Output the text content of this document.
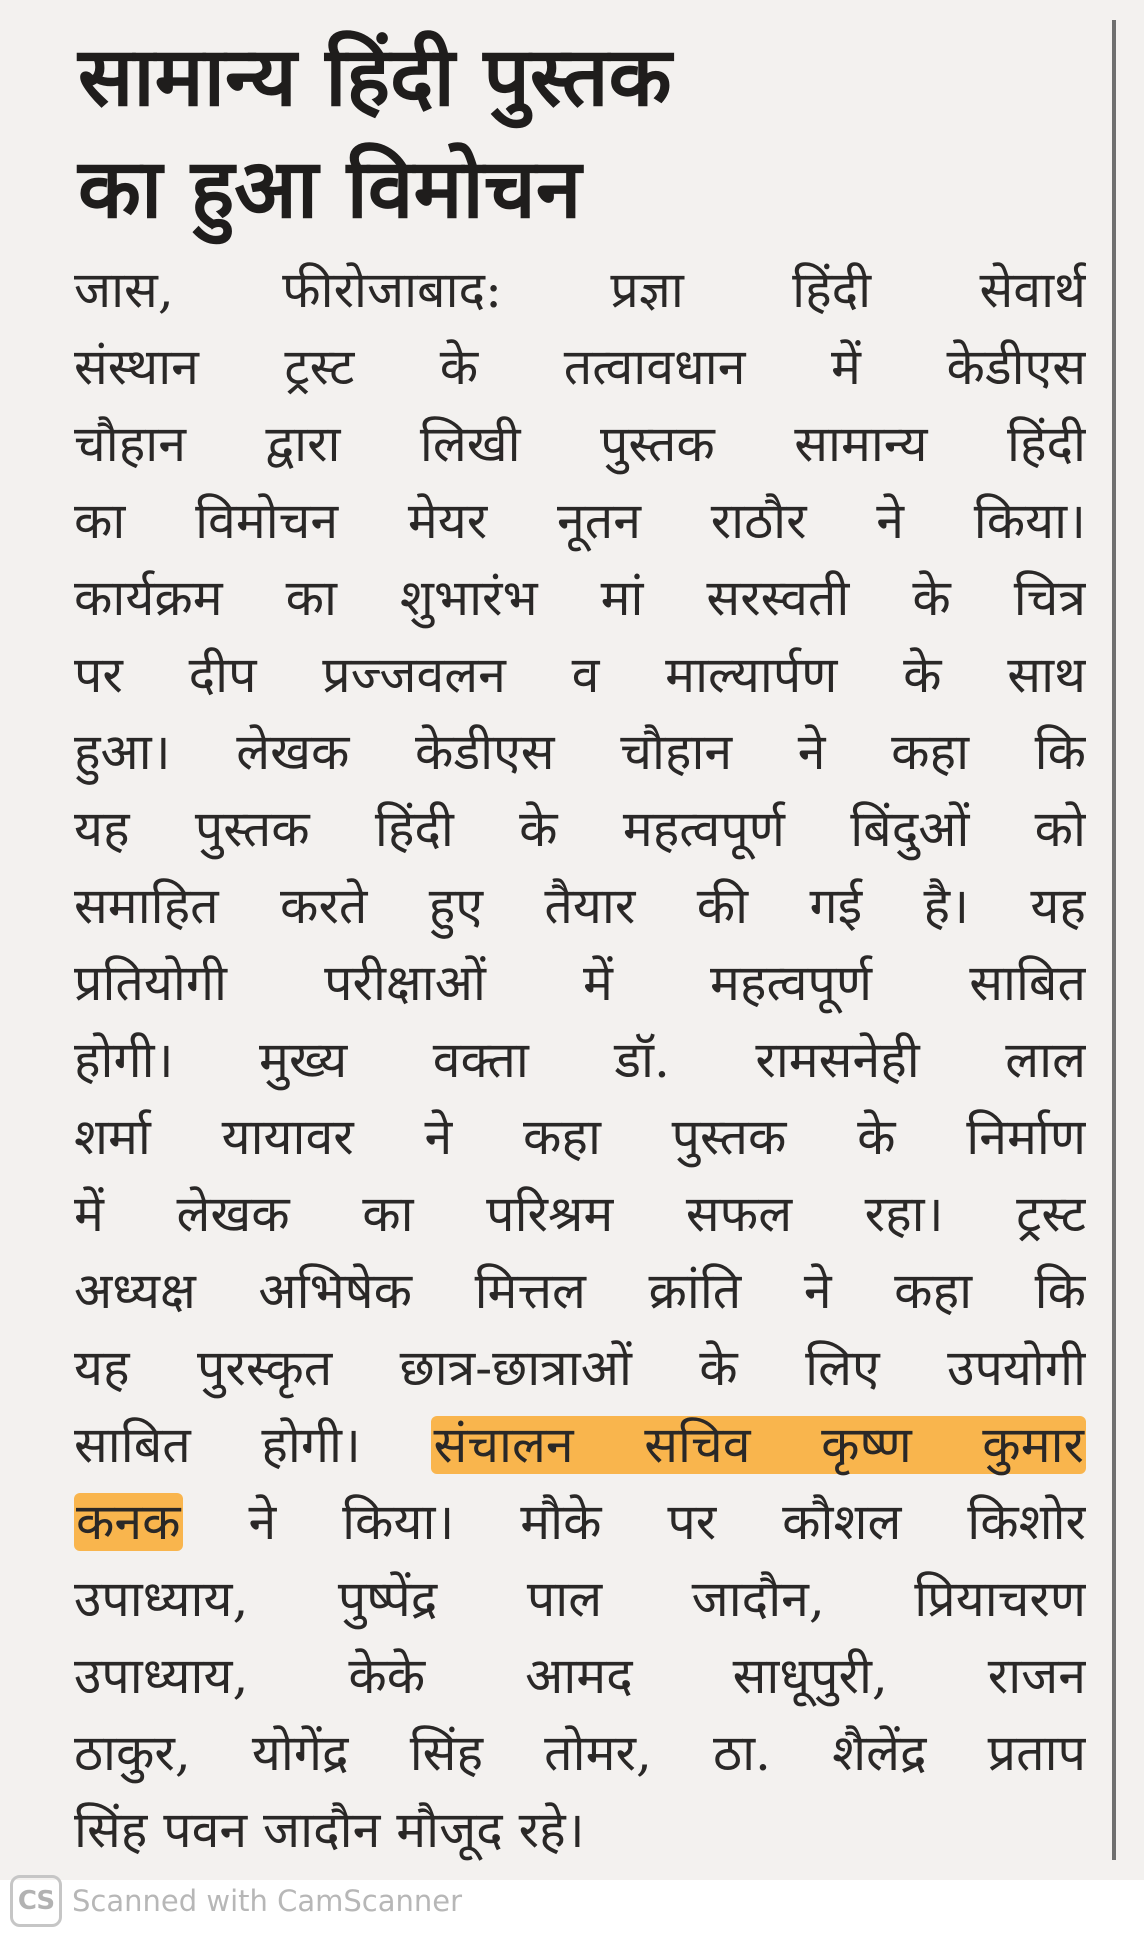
सामान्य हिंदी पुस्तक
का हुआ विमोचन
जास, फीरोजाबाद: प्रज्ञा हिंदी सेवार्थ
संस्थान ट्रस्ट के तत्वावधान में केडीएस
चौहान द्वारा लिखी पुस्तक सामान्य हिंदी
का विमोचन मेयर नूतन राठौर ने किया।
कार्यक्रम का शुभारंभ मां सरस्वती के चित्र
पर दीप प्रज्जवलन व माल्यार्पण के साथ
हुआ। लेखक केडीएस चौहान ने कहा कि
यह पुस्तक हिंदी के महत्वपूर्ण बिंदुओं को
समाहित करते हुए तैयार की गई है। यह
प्रतियोगी परीक्षाओं में महत्वपूर्ण साबित
होगी। मुख्य वक्ता डॉ. रामसनेही लाल
शर्मा यायावर ने कहा पुस्तक के निर्माण
में लेखक का परिश्रम सफल रहा। ट्रस्ट
अध्यक्ष अभिषेक मित्तल क्रांति ने कहा कि
यह पुरस्कृत छात्र-छात्राओं के लिए उपयोगी
साबित होगी। संचालन सचिव कृष्ण कुमार
कनक ने किया। मौके पर कौशल किशोर
उपाध्याय, पुष्पेंद्र पाल जादौन, प्रियाचरण
उपाध्याय, केके आमद साधूपुरी, राजन
ठाकुर, योगेंद्र सिंह तोमर, ठा. शैलेंद्र प्रताप
सिंह पवन जादौन मौजूद रहे।
CS Scanned with CamScanner
